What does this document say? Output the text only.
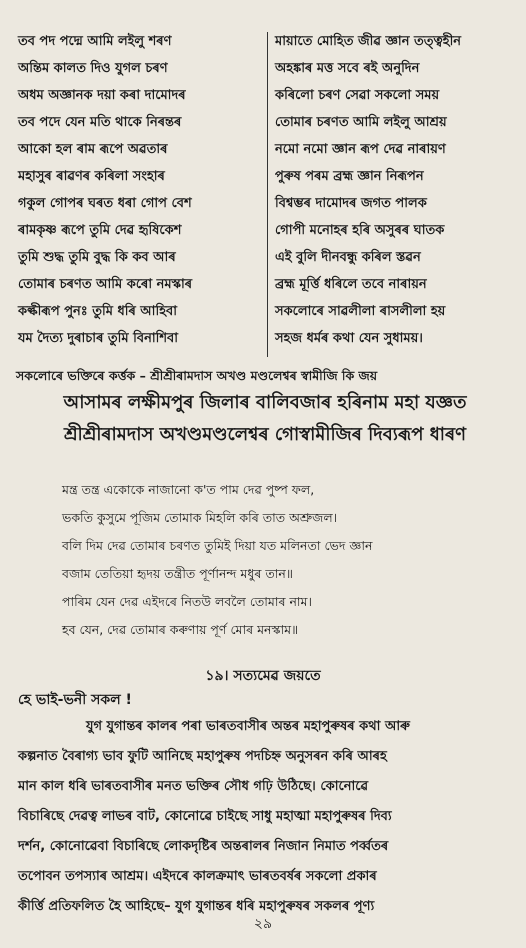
তব পদ পদ্মে আমি লইলু শৰণ
অন্তিম কালত দিও যুগল চৰণ
অধম অজ্ঞানক দয়া কৰা দামোদৰ
তব পদে যেন মতি থাকে নিৰন্তৰ
আকো হল ৰাম ৰূপে অৱতাৰ
মহাসুৰ ৰাৱণৰ কৰিলা সংহাৰ
গকুল গোপৰ ঘৰত ধৰা গোপ বেশ
ৰামকৃষ্ণ ৰূপে তুমি দেৱ হৃষিকেশ
তুমি শুদ্ধ তুমি বুদ্ধ কি কব আৰ
তোমাৰ চৰণত আমি কৰো নমস্কাৰ
কল্কীৰূপ পুনঃ তুমি ধৰি আহিবা
যম দৈত্য দুৰাচাৰ তুমি বিনাশিবা
মায়াতে মোহিত জীৱ জ্ঞান তত্ত্বহীন
অহঙ্কাৰ মত্ত সবে ৰই অনুদিন
কৰিলো চৰণ সেৱা সকলো সময়
তোমাৰ চৰণত আমি লইলু আশ্ৰয়
নমো নমো জ্ঞান ৰূপ দেৱ নাৰায়ণ
পুৰুষ পৰম ব্ৰহ্ম জ্ঞান নিৰূপন
বিশ্বম্ভৰ দামোদৰ জগত পালক
গোপী মনোহৰ হৰি অসুৰৰ ঘাতক
এই বুলি দীনবন্ধু কৰিল স্তৱন
ব্ৰহ্ম মূৰ্ত্তি ধৰিলে তবে নাৰায়ন
সকলোৰে সাৱলীলা ৰাসলীলা হয়
সহজ ধৰ্মৰ কথা যেন সুধাময়।
সকলোৰে ভক্তিৰে কৰ্ত্তক – শ্ৰীশ্ৰীৰামদাস অখণ্ড মণ্ডলেশ্বৰ স্বামীজি কি জয়
আসামৰ লক্ষীমপুৰ জিলাৰ বালিবজাৰ হৰিনাম মহা যজ্ঞত
শ্ৰীশ্ৰীৰামদাস অখণ্ডমণ্ডলেশ্বৰ গোস্বামীজিৰ দিব্যৰূপ ধাৰণ
মন্ত্ৰ তন্ত্ৰ একোকে নাজানো ক'ত পাম দেৱ পুষ্প ফল,
ভকতি কুসুমে পূজিম তোমাক মিহলি কৰি তাত অশ্ৰুজল।
বলি দিম দেৱ তোমাৰ চৰণত তুমিই দিয়া যত মলিনতা ভেদ জ্ঞান
বজাম তেতিয়া হৃদয় তন্ত্ৰীত পূৰ্ণানন্দ মধুৰ তান॥
পাৰিম যেন দেৱ এইদৰে নিতউ লবলৈ তোমাৰ নাম।
হব যেন, দেৱ তোমাৰ কৰুণায় পূৰ্ণ মোৰ মনস্কাম॥
১৯। সত্যমেৱ জয়তে
হে ভাই-ভনী সকল !
যুগ যুগান্তৰ কালৰ পৰা ভাৰতবাসীৰ অন্তৰ মহাপুৰুষৰ কথা আৰু
কল্পনাত বৈৰাগ্য ভাব ফুটি আনিছে মহাপুৰুষ পদচিহ্ন অনুসৰন কৰি আৰহ
মান কাল ধৰি ভাৰতবাসীৰ মনত ভক্তিৰ সৌধ গঢ়ি উঠিছে। কোনোৱে
বিচাৰিছে দেৱত্ব লাভৰ বাট, কোনোৱে চাইছে সাধু মহাত্মা মহাপুৰুষৰ দিব্য
দৰ্শন, কোনোৱেবা বিচাৰিছে লোকদৃষ্টিৰ অন্তৰালৰ নিজান নিমাত পৰ্ব্বতৰ
তপোবন তপস্যাৰ আশ্ৰম। এইদৰে কালক্ৰমাৎ ভাৰতবৰ্ষৰ সকলো প্ৰকাৰ
কীৰ্ত্তি প্ৰতিফলিত হৈ আহিছে– যুগ যুগান্তৰ ধৰি মহাপুৰুষৰ সকলৰ পূণ্য
২৯
